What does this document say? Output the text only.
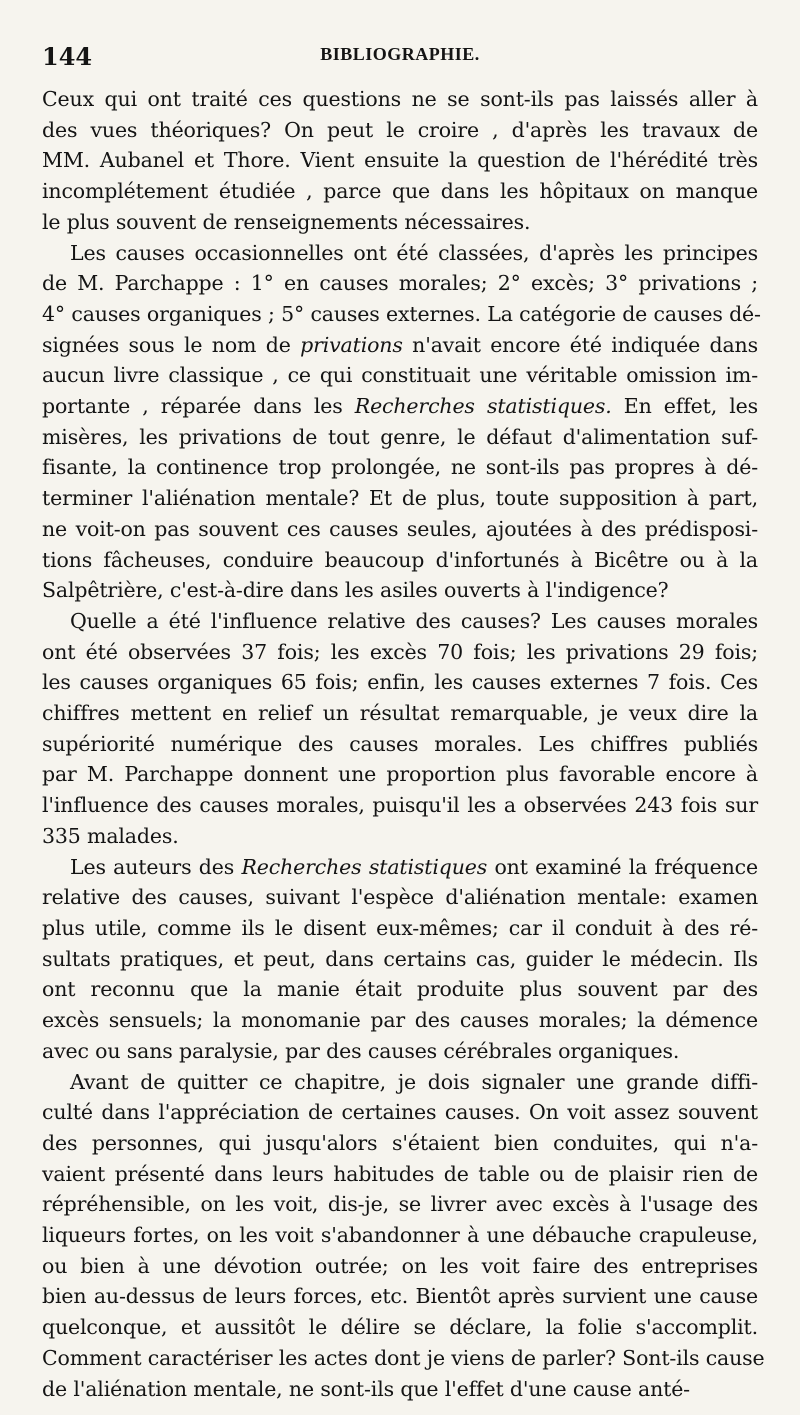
144	BIBLIOGRAPHIE.
Ceux qui ont traité ces questions ne se sont-ils pas laissés aller à
des vues théoriques? On peut le croire , d'après les travaux de
MM. Aubanel et Thore. Vient ensuite la question de l'hérédité très
incomplétement étudiée , parce que dans les hôpitaux on manque
le plus souvent de renseignements nécessaires.
Les causes occasionnelles ont été classées, d'après les principes
de M. Parchappe : 1° en causes morales; 2° excès; 3° privations ;
4° causes organiques ; 5° causes externes. La catégorie de causes dé-
signées sous le nom de privations n'avait encore été indiquée dans
aucun livre classique , ce qui constituait une véritable omission im-
portante , réparée dans les Recherches statistiques. En effet, les
misères, les privations de tout genre, le défaut d'alimentation suf-
fisante, la continence trop prolongée, ne sont-ils pas propres à dé-
terminer l'aliénation mentale? Et de plus, toute supposition à part,
ne voit-on pas souvent ces causes seules, ajoutées à des prédisposi-
tions fâcheuses, conduire beaucoup d'infortunés à Bicêtre ou à la
Salpêtrière, c'est-à-dire dans les asiles ouverts à l'indigence?
Quelle a été l'influence relative des causes? Les causes morales
ont été observées 37 fois; les excès 70 fois; les privations 29 fois;
les causes organiques 65 fois; enfin, les causes externes 7 fois. Ces
chiffres mettent en relief un résultat remarquable, je veux dire la
supériorité numérique des causes morales. Les chiffres publiés
par M. Parchappe donnent une proportion plus favorable encore à
l'influence des causes morales, puisqu'il les a observées 243 fois sur
335 malades.
Les auteurs des Recherches statistiques ont examiné la fréquence
relative des causes, suivant l'espèce d'aliénation mentale: examen
plus utile, comme ils le disent eux-mêmes; car il conduit à des ré-
sultats pratiques, et peut, dans certains cas, guider le médecin. Ils
ont reconnu que la manie était produite plus souvent par des
excès sensuels; la monomanie par des causes morales; la démence
avec ou sans paralysie, par des causes cérébrales organiques.
Avant de quitter ce chapitre, je dois signaler une grande diffi-
culté dans l'appréciation de certaines causes. On voit assez souvent
des personnes, qui jusqu'alors s'étaient bien conduites, qui n'a-
vaient présenté dans leurs habitudes de table ou de plaisir rien de
répréhensible, on les voit, dis-je, se livrer avec excès à l'usage des
liqueurs fortes, on les voit s'abandonner à une débauche crapuleuse,
ou bien à une dévotion outrée; on les voit faire des entreprises
bien au-dessus de leurs forces, etc. Bientôt après survient une cause
quelconque, et aussitôt le délire se déclare, la folie s'accomplit.
Comment caractériser les actes dont je viens de parler? Sont-ils cause
de l'aliénation mentale, ne sont-ils que l'effet d'une cause anté-
